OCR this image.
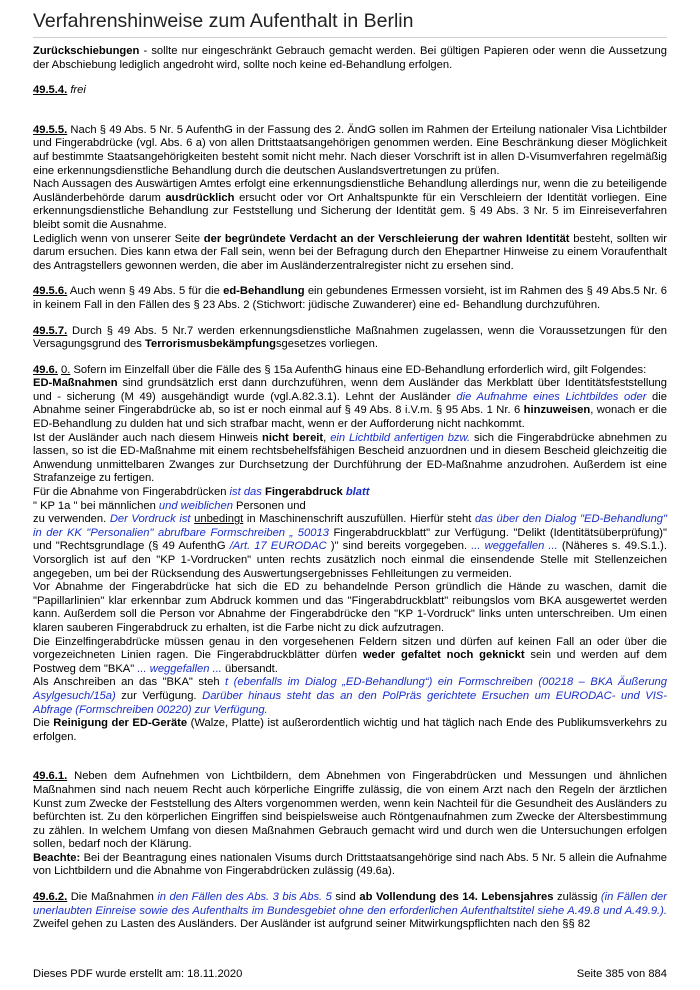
Verfahrenshinweise zum Aufenthalt in Berlin

Zurückschiebungen - sollte nur eingeschränkt Gebrauch gemacht werden. Bei gültigen Papieren oder wenn die Aussetzung der Abschiebung lediglich angedroht wird, sollte noch keine ed-Behandlung erfolgen.

49.5.4. frei

49.5.5. Nach § 49 Abs. 5 Nr. 5 AufenthG in der Fassung des 2. ÄndG sollen im Rahmen der Erteilung nationaler Visa Lichtbilder und Fingerabdrücke (vgl. Abs. 6 a) von allen Drittstaatsangehörigen genommen werden. Eine Beschränkung dieser Möglichkeit auf bestimmte Staatsangehörigkeiten besteht somit nicht mehr. Nach dieser Vorschrift ist in allen D-Visumverfahren regelmäßig eine erkennungsdienstliche Behandlung durch die deutschen Auslandsvertretungen zu prüfen.

Nach Aussagen des Auswärtigen Amtes erfolgt eine erkennungsdienstliche Behandlung allerdings nur, wenn die zu beteiligende Ausländerbehörde darum ausdrücklich ersucht oder vor Ort Anhaltspunkte für ein Verschleiern der Identität vorliegen. Eine erkennungsdienstliche Behandlung zur Feststellung und Sicherung der Identität gem. § 49 Abs. 3 Nr. 5 im Einreiseverfahren bleibt somit die Ausnahme.

Lediglich wenn von unserer Seite der begründete Verdacht an der Verschleierung der wahren Identität besteht, sollten wir darum ersuchen. Dies kann etwa der Fall sein, wenn bei der Befragung durch den Ehepartner Hinweise zu einem Voraufenthalt des Antragstellers gewonnen werden, die aber im Ausländerzentralregister nicht zu ersehen sind.

49.5.6. Auch wenn § 49 Abs. 5 für die ed-Behandlung ein gebundenes Ermessen vorsieht, ist im Rahmen des § 49 Abs.5 Nr. 6 in keinem Fall in den Fällen des § 23 Abs. 2 (Stichwort: jüdische Zuwanderer) eine ed- Behandlung durchzuführen.

49.5.7. Durch § 49 Abs. 5 Nr.7 werden erkennungsdienstliche Maßnahmen zugelassen, wenn die Voraussetzungen für den Versagungsgrund des Terrorismusbekämpfungsgesetzes vorliegen.

49.6. 0. Sofern im Einzelfall über die Fälle des § 15a AufenthG hinaus eine ED-Behandlung erforderlich wird, gilt Folgendes:

ED-Maßnahmen sind grundsätzlich erst dann durchzuführen, wenn dem Ausländer das Merkblatt über Identitätsfeststellung und - sicherung (M 49) ausgehändigt wurde (vgl.A.82.3.1). Lehnt der Ausländer die Aufnahme eines Lichtbildes oder die Abnahme seiner Fingerabdrücke ab, so ist er noch einmal auf § 49 Abs. 8 i.V.m. § 95 Abs. 1 Nr. 6 hinzuweisen, wonach er die ED-Behandlung zu dulden hat und sich strafbar macht, wenn er der Aufforderung nicht nachkommt.

Ist der Ausländer auch nach diesem Hinweis nicht bereit, ein Lichtbild anfertigen bzw. sich die Fingerabdrücke abnehmen zu lassen, so ist die ED-Maßnahme mit einem rechtsbehelfsfähigen Bescheid anzuordnen und in diesem Bescheid gleichzeitig die Anwendung unmittelbaren Zwanges zur Durchsetzung der Durchführung der ED-Maßnahme anzudrohen. Außerdem ist eine Strafanzeige zu fertigen.

Für die Abnahme von Fingerabdrücken ist das Fingerabdruck blatt

" KP 1a " bei männlichen und weiblichen Personen und

zu verwenden. Der Vordruck ist unbedingt in Maschinenschrift auszufüllen. Hierfür steht das über den Dialog "ED-Behandlung" in der KK "Personalien" abrufbare Formschreiben „ 50013 Fingerabdruckblatt" zur Verfügung. "Delikt (Identitätsüberprüfung)" und "Rechtsgrundlage (§ 49 AufenthG /Art. 17 EURODAC )" sind bereits vorgegeben. ... weggefallen ... (Näheres s. 49.S.1.). Vorsorglich ist auf den "KP 1-Vordrucken" unten rechts zusätzlich noch einmal die einsendende Stelle mit Stellenzeichen angegeben, um bei der Rücksendung des Auswertungsergebnisses Fehlleitungen zu vermeiden.

Vor Abnahme der Fingerabdrücke hat sich die ED zu behandelnde Person gründlich die Hände zu waschen, damit die "Papillarlinien" klar erkennbar zum Abdruck kommen und das "Fingerabdruckblatt" reibungslos vom BKA ausgewertet werden kann. Außerdem soll die Person vor Abnahme der Fingerabdrücke den "KP 1-Vordruck" links unten unterschreiben. Um einen klaren sauberen Fingerabdruck zu erhalten, ist die Farbe nicht zu dick aufzutragen.

Die Einzelfingerabdrücke müssen genau in den vorgesehenen Feldern sitzen und dürfen auf keinen Fall an oder über die vorgezeichneten Linien ragen. Die Fingerabdruckblätter dürfen weder gefaltet noch geknickt sein und werden auf dem Postweg dem "BKA" ... weggefallen ... übersandt.

Als Anschreiben an das "BKA" steh t (ebenfalls im Dialog „ED-Behandlung“) ein Formschreiben (00218 – BKA Äußerung Asylgesuch/15a) zur Verfügung. Darüber hinaus steht das an den PolPräs gerichtete Ersuchen um EURODAC- und VIS-Abfrage (Formschreiben 00220) zur Verfügung.

Die Reinigung der ED-Geräte (Walze, Platte) ist außerordentlich wichtig und hat täglich nach Ende des Publikumsverkehrs zu erfolgen.

49.6.1. Neben dem Aufnehmen von Lichtbildern, dem Abnehmen von Fingerabdrücken und Messungen und ähnlichen Maßnahmen sind nach neuem Recht auch körperliche Eingriffe zulässig, die von einem Arzt nach den Regeln der ärztlichen Kunst zum Zwecke der Feststellung des Alters vorgenommen werden, wenn kein Nachteil für die Gesundheit des Ausländers zu befürchten ist. Zu den körperlichen Eingriffen sind beispielsweise auch Röntgenaufnahmen zum Zwecke der Altersbestimmung zu zählen. In welchem Umfang von diesen Maßnahmen Gebrauch gemacht wird und durch wen die Untersuchungen erfolgen sollen, bedarf noch der Klärung.

Beachte: Bei der Beantragung eines nationalen Visums durch Drittstaatsangehörige sind nach Abs. 5 Nr. 5 allein die Aufnahme von Lichtbildern und die Abnahme von Fingerabdrücken zulässig (49.6a).

49.6.2. Die Maßnahmen in den Fällen des Abs. 3 bis Abs. 5 sind ab Vollendung des 14. Lebensjahres zulässig (in Fällen der unerlaubten Einreise sowie des Aufenthalts im Bundesgebiet ohne den erforderlichen Aufenthaltstitel siehe A.49.8 und A.49.9.). Zweifel gehen zu Lasten des Ausländers. Der Ausländer ist aufgrund seiner Mitwirkungspflichten nach den §§ 82

Dieses PDF wurde erstellt am: 18.11.2020	Seite 385 von 884
